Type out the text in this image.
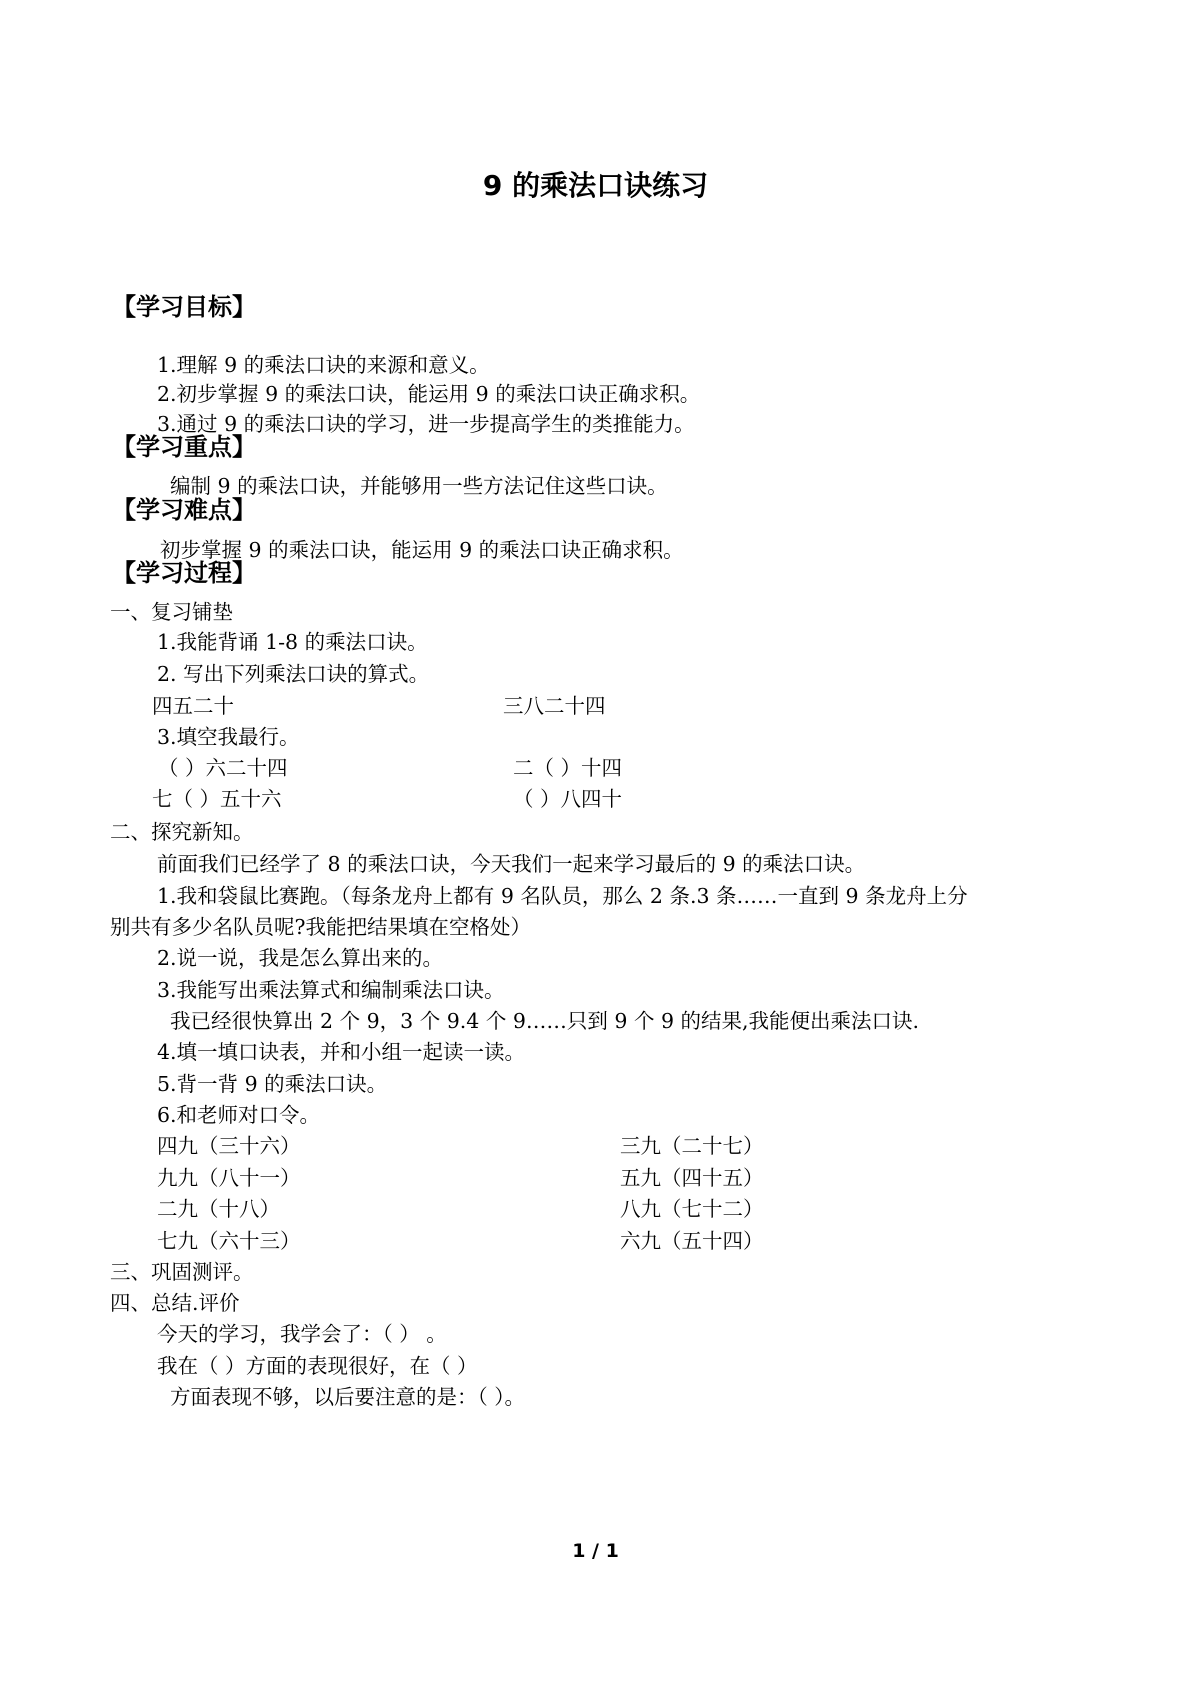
9 的乘法口诀练习
【学习目标】
1.理解 9 的乘法口诀的来源和意义。
2.初步掌握 9 的乘法口诀，能运用 9 的乘法口诀正确求积。
3.通过 9 的乘法口诀的学习，进一步提高学生的类推能力。
【学习重点】
编制 9 的乘法口诀，并能够用一些方法记住这些口诀。
【学习难点】
初步掌握 9 的乘法口诀，能运用 9 的乘法口诀正确求积。
【学习过程】
一、复习铺垫
1.我能背诵 1-8 的乘法口诀。
2. 写出下列乘法口诀的算式。
四五二十	三八二十四
3.填空我最行。
（ ）六二十四	二（ ）十四
七（ ）五十六	（ ）八四十
二、探究新知。
前面我们已经学了 8 的乘法口诀，今天我们一起来学习最后的 9 的乘法口诀。
1.我和袋鼠比赛跑。（每条龙舟上都有 9 名队员，那么 2 条.3 条……一直到 9 条龙舟上分
别共有多少名队员呢?我能把结果填在空格处）
2.说一说，我是怎么算出来的。
3.我能写出乘法算式和编制乘法口诀。
我已经很快算出 2 个 9，3 个 9.4 个 9……只到 9 个 9 的结果,我能便出乘法口诀.
4.填一填口诀表，并和小组一起读一读。
5.背一背 9 的乘法口诀。
6.和老师对口令。
四九（三十六）	三九（二十七）
九九（八十一）	五九（四十五）
二九（十八）	八九（七十二）
七九（六十三）	六九（五十四）
三、巩固测评。
四、总结.评价
今天的学习，我学会了：（ ） 。
我在（ ）方面的表现很好，在（ ）
方面表现不够，以后要注意的是：（ ）。
1 / 1
